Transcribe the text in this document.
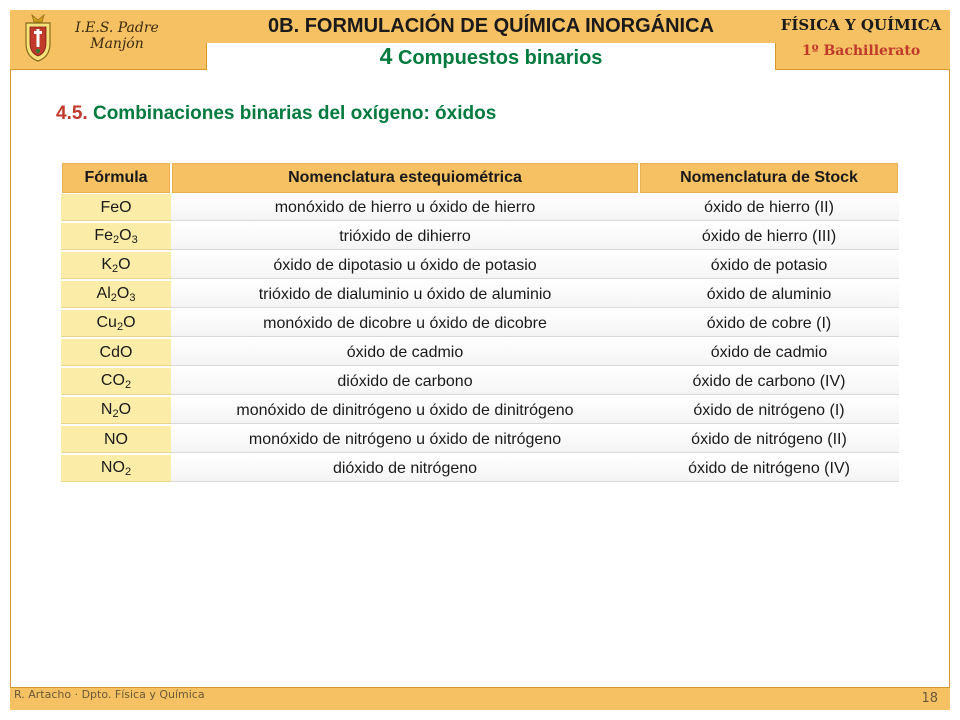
I.E.S. Padre Manjón
0B. FORMULACIÓN DE QUÍMICA INORGÁNICA
4 Compuestos binarios
FÍSICA Y QUÍMICA
1º Bachillerato
4.5. Combinaciones binarias del oxígeno: óxidos
Fórmula	Nomenclatura estequiométrica	Nomenclatura de Stock
FeO	monóxido de hierro u óxido de hierro	óxido de hierro (II)
$Fe_2O_3$	trióxido de dihierro	óxido de hierro (III)
$K_2O$	óxido de dipotasio u óxido de potasio	óxido de potasio
$Al_2O_3$	trióxido de dialuminio u óxido de aluminio	óxido de aluminio
$Cu_2O$	monóxido de dicobre u óxido de dicobre	óxido de cobre (I)
CdO	óxido de cadmio	óxido de cadmio
$CO_2$	dióxido de carbono	óxido de carbono (IV)
$N_2O$	monóxido de dinitrógeno u óxido de dinitrógeno	óxido de nitrógeno (I)
NO	monóxido de nitrógeno u óxido de nitrógeno	óxido de nitrógeno (II)
$NO_2$	dióxido de nitrógeno	óxido de nitrógeno (IV)
R. Artacho · Dpto. Física y Química	18
